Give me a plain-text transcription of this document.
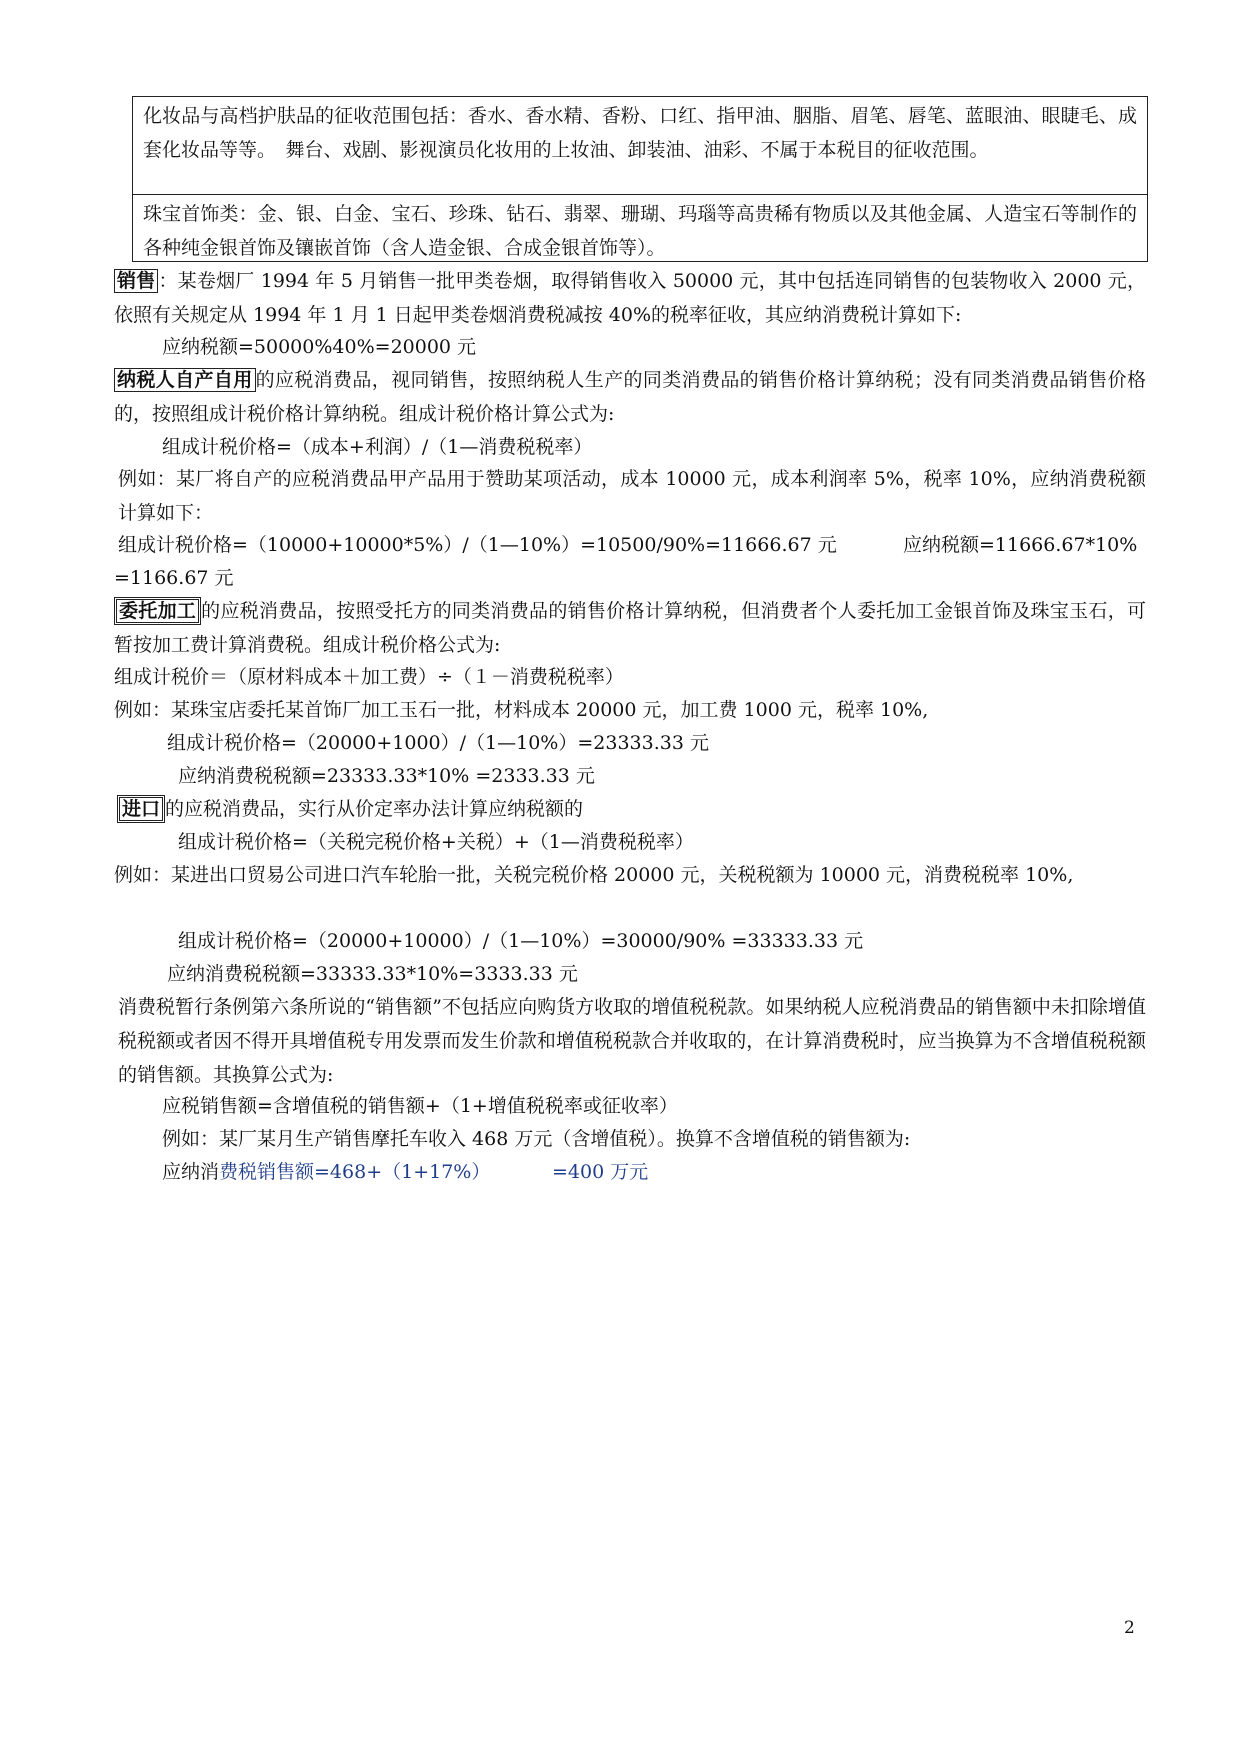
化妆品与高档护肤品的征收范围包括：香水、香水精、香粉、口红、指甲油、胭脂、眉笔、唇笔、蓝眼油、眼睫毛、成套化妆品等等。　舞台、戏剧、影视演员化妆用的上妆油、卸装油、油彩、不属于本税目的征收范围。
珠宝首饰类：金、银、白金、宝石、珍珠、钻石、翡翠、珊瑚、玛瑙等高贵稀有物质以及其他金属、人造宝石等制作的各种纯金银首饰及镶嵌首饰（含人造金银、合成金银首饰等）。
销售 ：某卷烟厂 1994 年 5 月销售一批甲类卷烟，取得销售收入 50000 元，其中包括连同销售的包装物收入 2000 元，依照有关规定从 1994 年 1 月 1 日起甲类卷烟消费税减按 40%的税率征收，其应纳消费税计算如下:
应纳税额=50000%40%=20000 元
纳税人自产自用 的应税消费品，视同销售，按照纳税人生产的同类消费品的销售价格计算纳税；没有同类消费品销售价格的，按照组成计税价格计算纳税。组成计税价格计算公式为:
组成计税价格=（成本+利润）/（1—消费税税率）
例如：某厂将自产的应税消费品甲产品用于赞助某项活动，成本 10000 元，成本利润率 5%，税率 10%，应纳消费税额计算如下：
组成计税价格=（10000+10000*5%）/（1—10%）=10500/90%=11666.67 元	应纳税额=11666.67*10%
=1166.67 元
委托加工 的应税消费品，按照受托方的同类消费品的销售价格计算纳税，但消费者个人委托加工金银首饰及珠宝玉石，可暂按加工费计算消费税。组成计税价格公式为:
组成计税价＝（原材料成本＋加工费）÷（１－消费税税率）
例如：某珠宝店委托某首饰厂加工玉石一批，材料成本 20000 元，加工费 1000 元，税率 10%,
组成计税价格=（20000+1000）/（1—10%）=23333.33 元
应纳消费税税额=23333.33*10% =2333.33 元
进口 的应税消费品，实行从价定率办法计算应纳税额的
组成计税价格=（关税完税价格+关税）+（1—消费税税率）
例如：某进出口贸易公司进口汽车轮胎一批，关税完税价格 20000 元，关税税额为 10000 元，消费税税率 10%,
组成计税价格=（20000+10000）/（1—10%）=30000/90% =33333.33 元
应纳消费税税额=33333.33*10%=3333.33 元
消费税暂行条例第六条所说的“销售额”不包括应向购货方收取的增值税税款。如果纳税人应税消费品的销售额中未扣除增值税税额或者因不得开具增值税专用发票而发生价款和增值税税款合并收取的，在计算消费税时，应当换算为不含增值税税额的销售额。其换算公式为:
应税销售额=含增值税的销售额+（1+增值税税率或征收率）
例如：某厂某月生产销售摩托车收入 468 万元（含增值税）。换算不含增值税的销售额为:
应纳消费税销售额=468+（1+17%）	=400 万元
2
